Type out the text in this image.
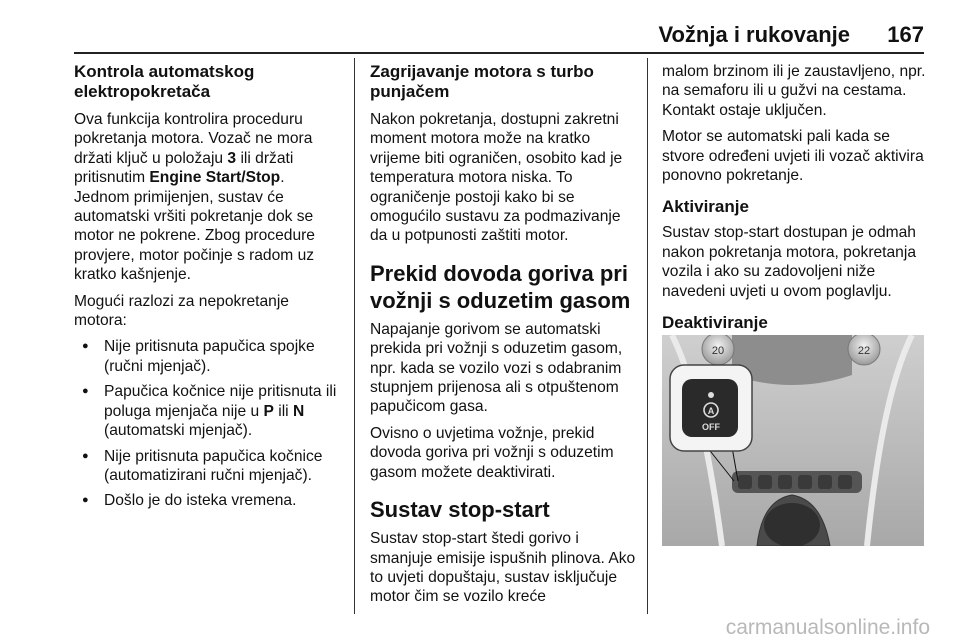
Vožnja i rukovanje 167
Kontrola automatskog elektropokretača

Ova funkcija kontrolira proceduru pokretanja motora. Vozač ne mora držati ključ u položaju 3 ili držati pritisnutim Engine Start/Stop. Jednom primijenjen, sustav će automatski vršiti pokretanje dok se motor ne pokrene. Zbog procedure provjere, motor počinje s radom uz kratko kašnjenje.

Mogući razlozi za nepokretanje motora:

● Nije pritisnuta papučica spojke (ručni mjenjač).
● Papučica kočnice nije pritisnuta ili poluga mjenjača nije u P ili N (automatski mjenjač).
● Nije pritisnuta papučica kočnice (automatizirani ručni mjenjač).
● Došlo je do isteka vremena.
Zagrijavanje motora s turbo punjačem

Nakon pokretanja, dostupni zakretni moment motora može na kratko vrijeme biti ograničen, osobito kad je temperatura motora niska. To ograničenje postoji kako bi se omogućilo sustavu za podmazivanje da u potpunosti zaštiti motor.

Prekid dovoda goriva pri vožnji s oduzetim gasom

Napajanje gorivom se automatski prekida pri vožnji s oduzetim gasom, npr. kada se vozilo vozi s odabranim stupnjem prijenosa ali s otpuštenom papučicom gasa.

Ovisno o uvjetima vožnje, prekid dovoda goriva pri vožnji s oduzetim gasom možete deaktivirati.

Sustav stop-start

Sustav stop-start štedi gorivo i smanjuje emisije ispušnih plinova. Ako to uvjeti dopuštaju, sustav isključuje motor čim se vozilo kreće

malom brzinom ili je zaustavljeno, npr. na semaforu ili u gužvi na cestama. Kontakt ostaje uključen.

Motor se automatski pali kada se stvore određeni uvjeti ili vozač aktivira ponovno pokretanje.

Aktiviranje

Sustav stop-start dostupan je odmah nakon pokretanja motora, pokretanja vozila i ako su zadovoljeni niže navedeni uvjeti u ovom poglavlju.

Deaktiviranje
20	22
A
OFF
carmanualsonline.info
